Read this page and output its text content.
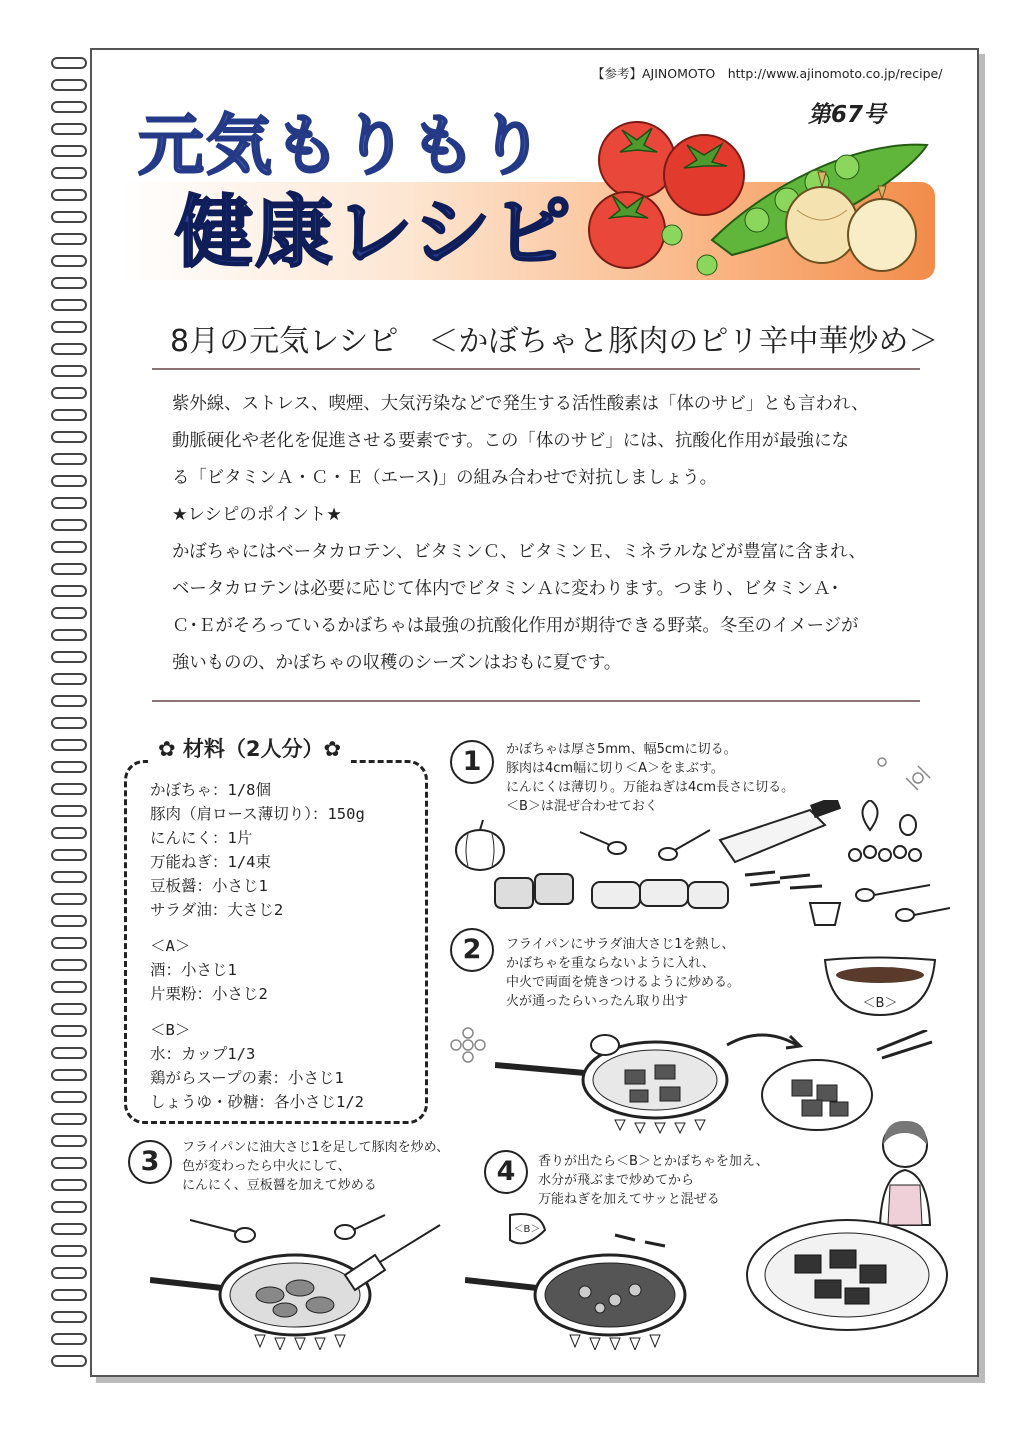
【参考】AJINOMOTO　http://www.ajinomoto.co.jp/recipe/
第67号
元気もりもり
健康レシピ
8月の元気レシピ　＜かぼちゃと豚肉のピリ辛中華炒め＞

紫外線、ストレス、喫煙、大気汚染などで発生する活性酸素は「体のサビ」とも言われ、

動脈硬化や老化を促進させる要素です。この「体のサビ」には、抗酸化作用が最強にな

る「ビタミンＡ・Ｃ・Ｅ（エース)」の組み合わせで対抗しましょう。

★レシピのポイント★

かぼちゃにはベータカロテン、ビタミンＣ、ビタミンＥ、ミネラルなどが豊富に含まれ、

ベータカロテンは必要に応じて体内でビタミンＡに変わります。つまり、ビタミンＡ･

Ｃ･Ｅがそろっているかぼちゃは最強の抗酸化作用が期待できる野菜。冬至のイメージが

強いものの、かぼちゃの収穫のシーズンはおもに夏です。

✿ 材料（2人分）✿
かぼちゃ：1/8個
豚肉（肩ロース薄切り）：150g
にんにく：1片
万能ねぎ：1/4束
豆板醤：小さじ1
サラダ油：大さじ2
＜A＞
酒：小さじ1
片栗粉：小さじ2
＜B＞
水：カップ1/3
鶏がらスープの素：小さじ1
しょうゆ・砂糖：各小さじ1/2
1	かぼちゃは厚さ5mm、幅5cmに切る。
豚肉は4cm幅に切り＜A＞をまぶす。
にんにくは薄切り。万能ねぎは4cm長さに切る。
＜B＞は混ぜ合わせておく
2	フライパンにサラダ油大さじ1を熱し、
かぼちゃを重ならないように入れ、
中火で両面を焼きつけるように炒める。
火が通ったらいったん取り出す	＜B＞
3	フライパンに油大さじ1を足して豚肉を炒め、
色が変わったら中火にして、
にんにく、豆板醤を加えて炒める	4	香りが出たら＜B＞とかぼちゃを加え、
水分が飛ぶまで炒めてから
万能ねぎを加えてサッと混ぜる
＜B＞
